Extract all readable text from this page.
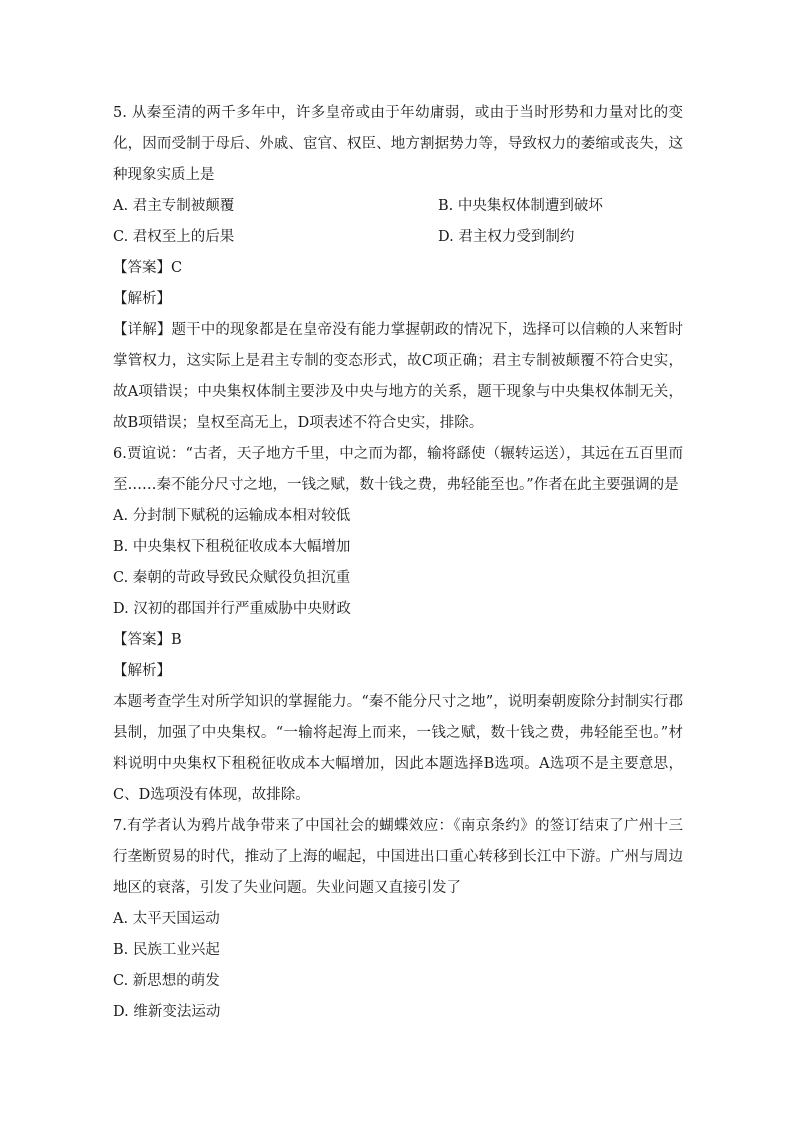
5. 从秦至清的两千多年中，许多皇帝或由于年幼庸弱，或由于当时形势和力量对比的变化，因而受制于母后、外戚、宦官、权臣、地方割据势力等，导致权力的萎缩或丧失，这种现象实质上是
A. 君主专制被颠覆	B. 中央集权体制遭到破坏
C. 君权至上的后果	D. 君主权力受到制约
【答案】C
【解析】
【详解】题干中的现象都是在皇帝没有能力掌握朝政的情况下，选择可以信赖的人来暂时掌管权力，这实际上是君主专制的变态形式，故C项正确；君主专制被颠覆不符合史实，故A项错误；中央集权体制主要涉及中央与地方的关系，题干现象与中央集权体制无关，故B项错误；皇权至高无上，D项表述不符合史实，排除。
6.贾谊说：“古者，天子地方千里，中之而为都，输将繇使（辗转运送），其远在五百里而至……秦不能分尺寸之地，一钱之赋，数十钱之费，弗轻能至也。”作者在此主要强调的是
A. 分封制下赋税的运输成本相对较低
B. 中央集权下租税征收成本大幅增加
C. 秦朝的苛政导致民众赋役负担沉重
D. 汉初的郡国并行严重威胁中央财政
【答案】B
【解析】
本题考查学生对所学知识的掌握能力。“秦不能分尺寸之地”，说明秦朝废除分封制实行郡县制，加强了中央集权。“一输将起海上而来，一钱之赋，数十钱之费，弗轻能至也。”材料说明中央集权下租税征收成本大幅增加，因此本题选择B选项。A选项不是主要意思，C、D选项没有体现，故排除。
7.有学者认为鸦片战争带来了中国社会的蝴蝶效应：《南京条约》的签订结束了广州十三行垄断贸易的时代，推动了上海的崛起，中国进出口重心转移到长江中下游。广州与周边地区的衰落，引发了失业问题。失业问题又直接引发了
A. 太平天国运动
B. 民族工业兴起
C. 新思想的萌发
D. 维新变法运动
